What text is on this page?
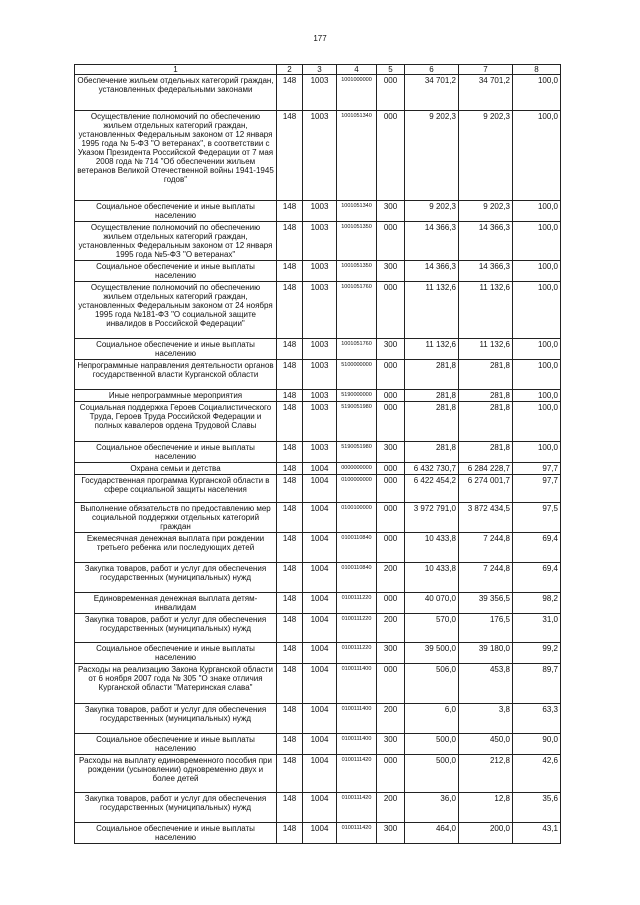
177
1	2	3	4	5	6	7	8
Обеспечение жильем отдельных категорий граждан, установленных федеральными законами	148	1003	1001000000	000	34 701,2	34 701,2	100,0
Осуществление полномочий по обеспечению жильем отдельных категорий граждан, установленных Федеральным законом от 12 января 1995 года № 5-ФЗ "О ветеранах", в соответствии с Указом Президента Российской Федерации от 7 мая 2008 года № 714 "Об обеспечении жильем ветеранов Великой Отечественной войны 1941-1945 годов"	148	1003	1001051340	000	9 202,3	9 202,3	100,0
Социальное обеспечение и иные выплаты населению	148	1003	1001051340	300	9 202,3	9 202,3	100,0
Осуществление полномочий по обеспечению жильем отдельных категорий граждан, установленных Федеральным законом от 12 января 1995 года №5-ФЗ "О ветеранах"	148	1003	1001051350	000	14 366,3	14 366,3	100,0
Социальное обеспечение и иные выплаты населению	148	1003	1001051350	300	14 366,3	14 366,3	100,0
Осуществление полномочий по обеспечению жильем отдельных категорий граждан, установленных Федеральным законом от 24 ноября 1995 года №181-ФЗ "О социальной защите инвалидов в Российской Федерации"	148	1003	1001051760	000	11 132,6	11 132,6	100,0
Социальное обеспечение и иные выплаты населению	148	1003	1001051760	300	11 132,6	11 132,6	100,0
Непрограммные направления деятельности органов государственной власти Курганской области	148	1003	5100000000	000	281,8	281,8	100,0
Иные непрограммные мероприятия	148	1003	5190000000	000	281,8	281,8	100,0
Социальная поддержка Героев Социалистического Труда, Героев Труда Российской Федерации и полных кавалеров ордена Трудовой Славы	148	1003	5190051980	000	281,8	281,8	100,0
Социальное обеспечение и иные выплаты населению	148	1003	5190051980	300	281,8	281,8	100,0
Охрана семьи и детства	148	1004	0000000000	000	6 432 730,7	6 284 228,7	97,7
Государственная программа Курганской области в сфере социальной защиты населения	148	1004	0100000000	000	6 422 454,2	6 274 001,7	97,7
Выполнение обязательств по предоставлению мер социальной поддержки отдельных категорий граждан	148	1004	0100100000	000	3 972 791,0	3 872 434,5	97,5
Ежемесячная денежная выплата при рождении третьего ребенка или последующих детей	148	1004	0100110840	000	10 433,8	7 244,8	69,4
Закупка товаров, работ и услуг для обеспечения государственных (муниципальных) нужд	148	1004	0100110840	200	10 433,8	7 244,8	69,4
Единовременная денежная выплата детям-инвалидам	148	1004	0100111220	000	40 070,0	39 356,5	98,2
Закупка товаров, работ и услуг для обеспечения государственных (муниципальных) нужд	148	1004	0100111220	200	570,0	176,5	31,0
Социальное обеспечение и иные выплаты населению	148	1004	0100111220	300	39 500,0	39 180,0	99,2
Расходы на реализацию Закона Курганской области от 6 ноября 2007 года № 305 "О знаке отличия Курганской области "Материнская слава"	148	1004	0100111400	000	506,0	453,8	89,7
Закупка товаров, работ и услуг для обеспечения государственных (муниципальных) нужд	148	1004	0100111400	200	6,0	3,8	63,3
Социальное обеспечение и иные выплаты населению	148	1004	0100111400	300	500,0	450,0	90,0
Расходы на выплату единовременного пособия при рождении (усыновлении) одновременно двух и более детей	148	1004	0100111420	000	500,0	212,8	42,6
Закупка товаров, работ и услуг для обеспечения государственных (муниципальных) нужд	148	1004	0100111420	200	36,0	12,8	35,6
Социальное обеспечение и иные выплаты населению	148	1004	0100111420	300	464,0	200,0	43,1
